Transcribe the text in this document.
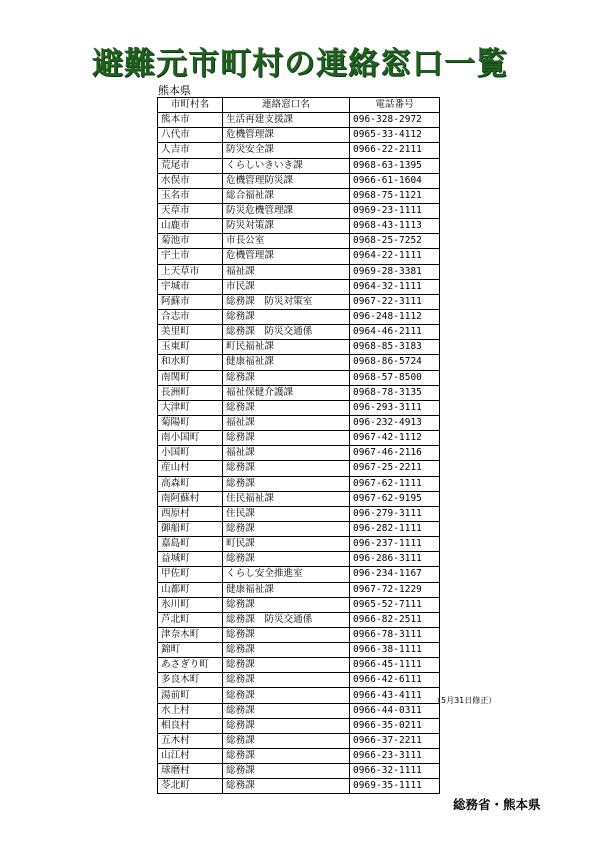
避難元市町村の連絡窓口一覧
熊本県
市町村名	連絡窓口名	電話番号
熊本市	生活再建支援課	096-328-2972
八代市	危機管理課	0965-33-4112
人吉市	防災安全課	0966-22-2111
荒尾市	くらしいきいき課	0968-63-1395
水俣市	危機管理防災課	0966-61-1604
玉名市	総合福祉課	0968-75-1121
天草市	防災危機管理課	0969-23-1111
山鹿市	防災対策課	0968-43-1113
菊池市	市長公室	0968-25-7252
宇土市	危機管理課	0964-22-1111
上天草市	福祉課	0969-28-3381
宇城市	市民課	0964-32-1111
阿蘇市	総務課　防災対策室	0967-22-3111
合志市	総務課	096-248-1112
美里町	総務課　防災交通係	0964-46-2111
玉東町	町民福祉課	0968-85-3183
和水町	健康福祉課	0968-86-5724
南関町	総務課	0968-57-8500
長洲町	福祉保健介護課	0968-78-3135
大津町	総務課	096-293-3111
菊陽町	福祉課	096-232-4913
南小国町	総務課	0967-42-1112
小国町	福祉課	0967-46-2116
産山村	総務課	0967-25-2211
高森町	総務課	0967-62-1111
南阿蘇村	住民福祉課	0967-62-9195
西原村	住民課	096-279-3111
御船町	総務課	096-282-1111
嘉島町	町民課	096-237-1111
益城町	総務課	096-286-3111
甲佐町	くらし安全推進室	096-234-1167
山都町	健康福祉課	0967-72-1229
氷川町	総務課	0965-52-7111
芦北町	総務課　防災交通係	0966-82-2511
津奈木町	総務課	0966-78-3111
錦町	総務課	0966-38-1111
あさぎり町	総務課	0966-45-1111
多良木町	総務課	0966-42-6111
湯前町	総務課	0966-43-4111
水上村	総務課	0966-44-0311
相良村	総務課	0966-35-0211
五木村	総務課	0966-37-2211
山江村	総務課	0966-23-3111
球磨村	総務課	0966-32-1111
苓北町	総務課	0969-35-1111
（5月31日修正）
総務省・熊本県
